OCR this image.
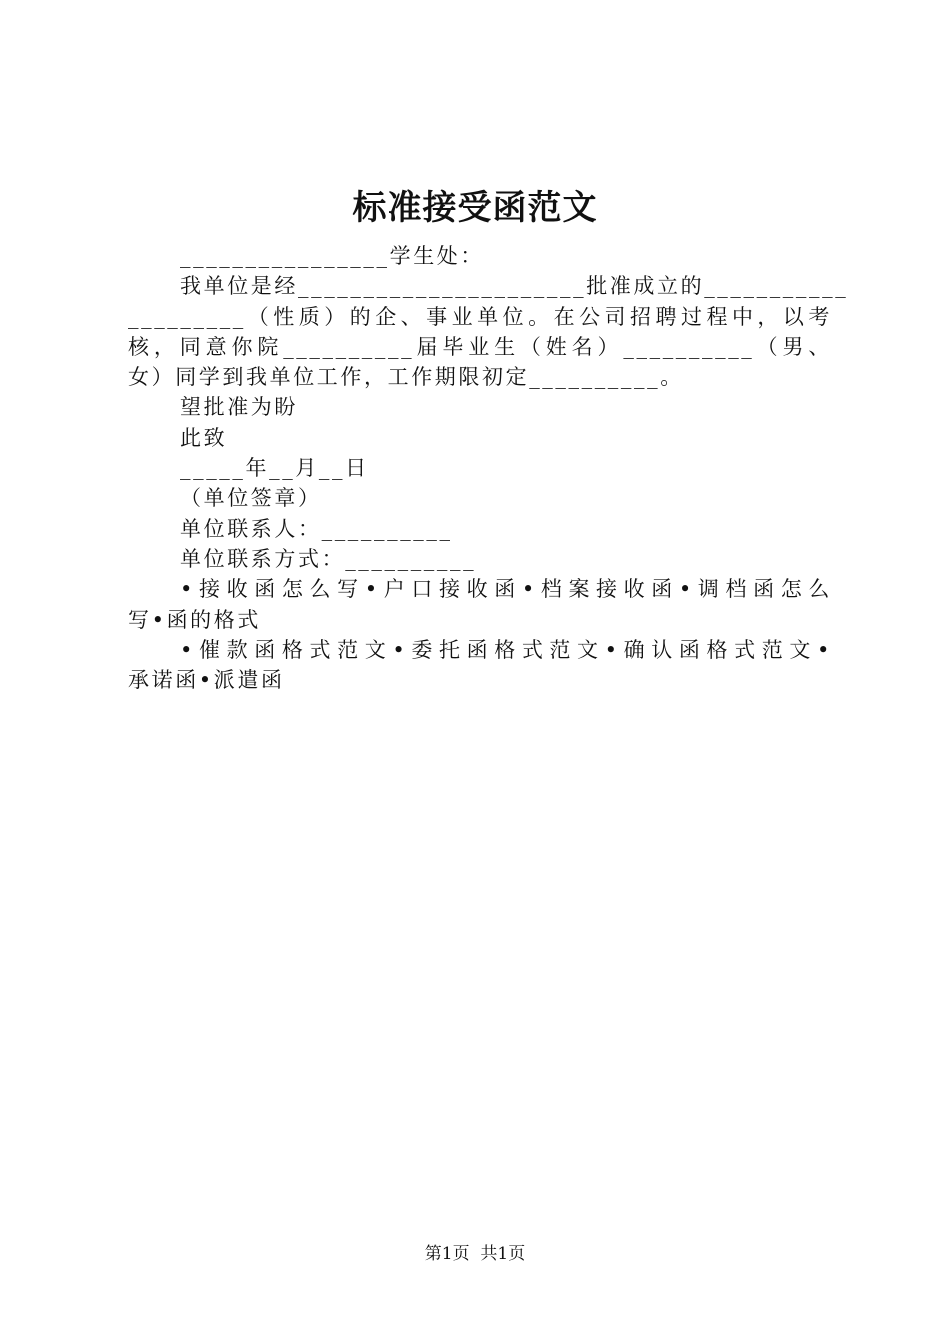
标准接受函范文
________________学生处：
我单位是经______________________批准成立的___________
_________（性质）的企、事业单位。在公司招聘过程中，以考
核，同意你院__________届毕业生（姓名）__________（男、
女）同学到我单位工作，工作期限初定__________。
望批准为盼
此致
_____年__月__日
（单位签章）
单位联系人：__________
单位联系方式：__________
•接收函怎么写•户口接收函•档案接收函•调档函怎么
写•函的格式
•催款函格式范文•委托函格式范文•确认函格式范文•
承诺函•派遣函
第1页  共1页
